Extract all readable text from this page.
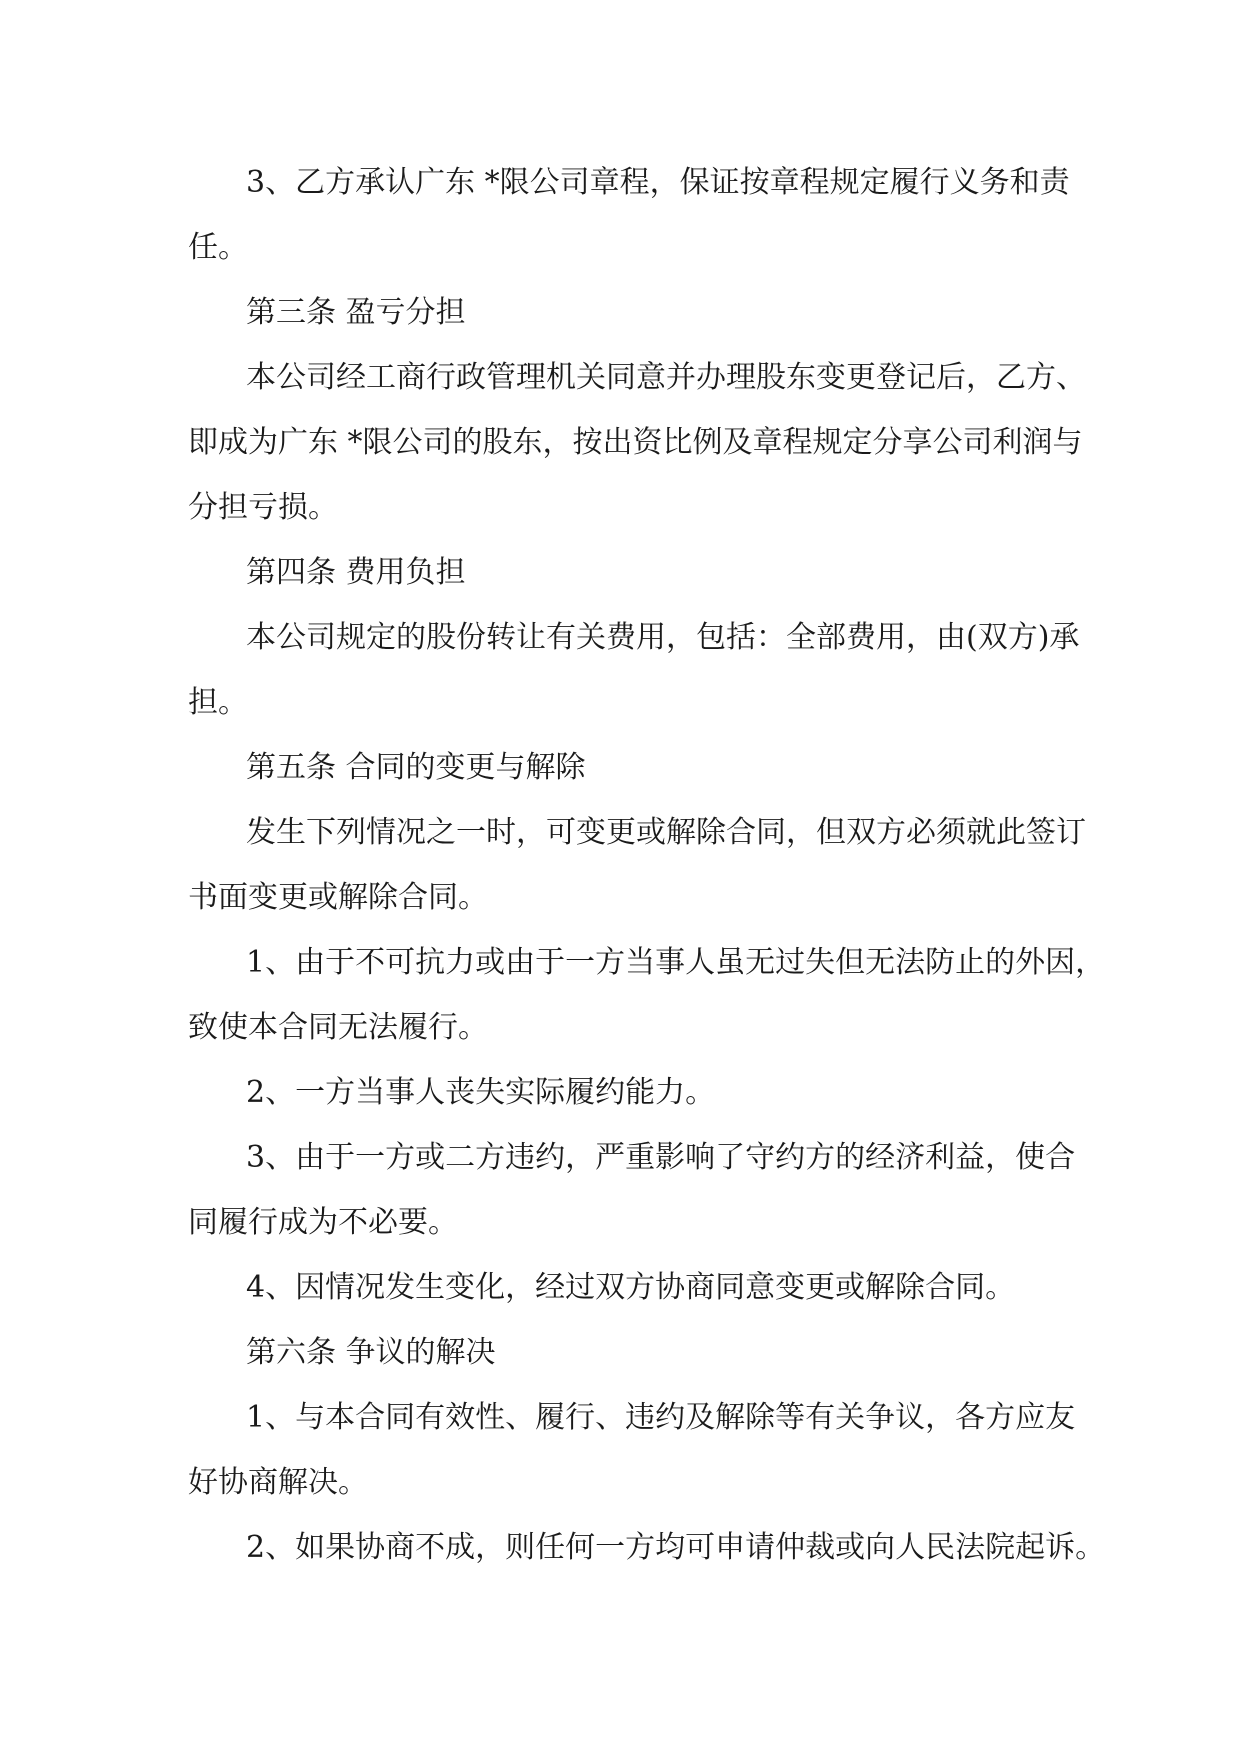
3、乙方承认广东 *限公司章程，保证按章程规定履行义务和责
任。
第三条 盈亏分担
本公司经工商行政管理机关同意并办理股东变更登记后，乙方、
即成为广东 *限公司的股东，按出资比例及章程规定分享公司利润与
分担亏损。
第四条 费用负担
本公司规定的股份转让有关费用，包括：全部费用，由(双方)承
担。
第五条 合同的变更与解除
发生下列情况之一时，可变更或解除合同，但双方必须就此签订
书面变更或解除合同。
1、由于不可抗力或由于一方当事人虽无过失但无法防止的外因，
致使本合同无法履行。
2、一方当事人丧失实际履约能力。
3、由于一方或二方违约，严重影响了守约方的经济利益，使合
同履行成为不必要。
4、因情况发生变化，经过双方协商同意变更或解除合同。
第六条 争议的解决
1、与本合同有效性、履行、违约及解除等有关争议，各方应友
好协商解决。
2、如果协商不成，则任何一方均可申请仲裁或向人民法院起诉。
